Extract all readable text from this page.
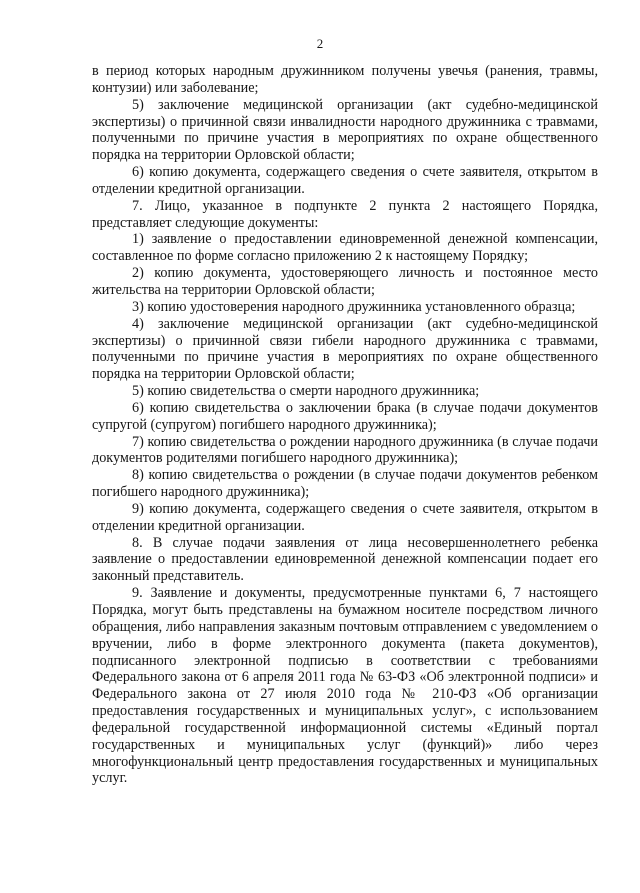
2

в период которых народным дружинником получены увечья (ранения, травмы, контузии) или заболевание;

5) заключение медицинской организации (акт судебно-медицинской экспертизы) о причинной связи инвалидности народного дружинника с травмами, полученными по причине участия в мероприятиях по охране общественного порядка на территории Орловской области;

6) копию документа, содержащего сведения о счете заявителя, открытом в отделении кредитной организации.

7. Лицо, указанное в подпункте 2 пункта 2 настоящего Порядка, представляет следующие документы:

1) заявление о предоставлении единовременной денежной компенсации, составленное по форме согласно приложению 2 к настоящему Порядку;

2) копию документа, удостоверяющего личность и постоянное место жительства на территории Орловской области;

3) копию удостоверения народного дружинника установленного образца;

4) заключение медицинской организации (акт судебно-медицинской экспертизы) о причинной связи гибели народного дружинника с травмами, полученными по причине участия в мероприятиях по охране общественного порядка на территории Орловской области;

5) копию свидетельства о смерти народного дружинника;

6) копию свидетельства о заключении брака (в случае подачи документов супругой (супругом) погибшего народного дружинника);

7) копию свидетельства о рождении народного дружинника (в случае подачи документов родителями погибшего народного дружинника);

8) копию свидетельства о рождении (в случае подачи документов ребенком погибшего народного дружинника);

9) копию документа, содержащего сведения о счете заявителя, открытом в отделении кредитной организации.

8. В случае подачи заявления от лица несовершеннолетнего ребенка заявление о предоставлении единовременной денежной компенсации подает его законный представитель.

9. Заявление и документы, предусмотренные пунктами 6, 7 настоящего Порядка, могут быть представлены на бумажном носителе посредством личного обращения, либо направления заказным почтовым отправлением с уведомлением о вручении, либо в форме электронного документа (пакета документов), подписанного электронной подписью в соответствии с требованиями Федерального закона от 6 апреля 2011 года № 63-ФЗ «Об электронной подписи» и Федерального закона от 27 июля 2010 года № 210-ФЗ «Об организации предоставления государственных и муниципальных услуг», с использованием федеральной государственной информационной системы «Единый портал государственных и муниципальных услуг (функций)» либо через многофункциональный центр предоставления государственных и муниципальных услуг.
